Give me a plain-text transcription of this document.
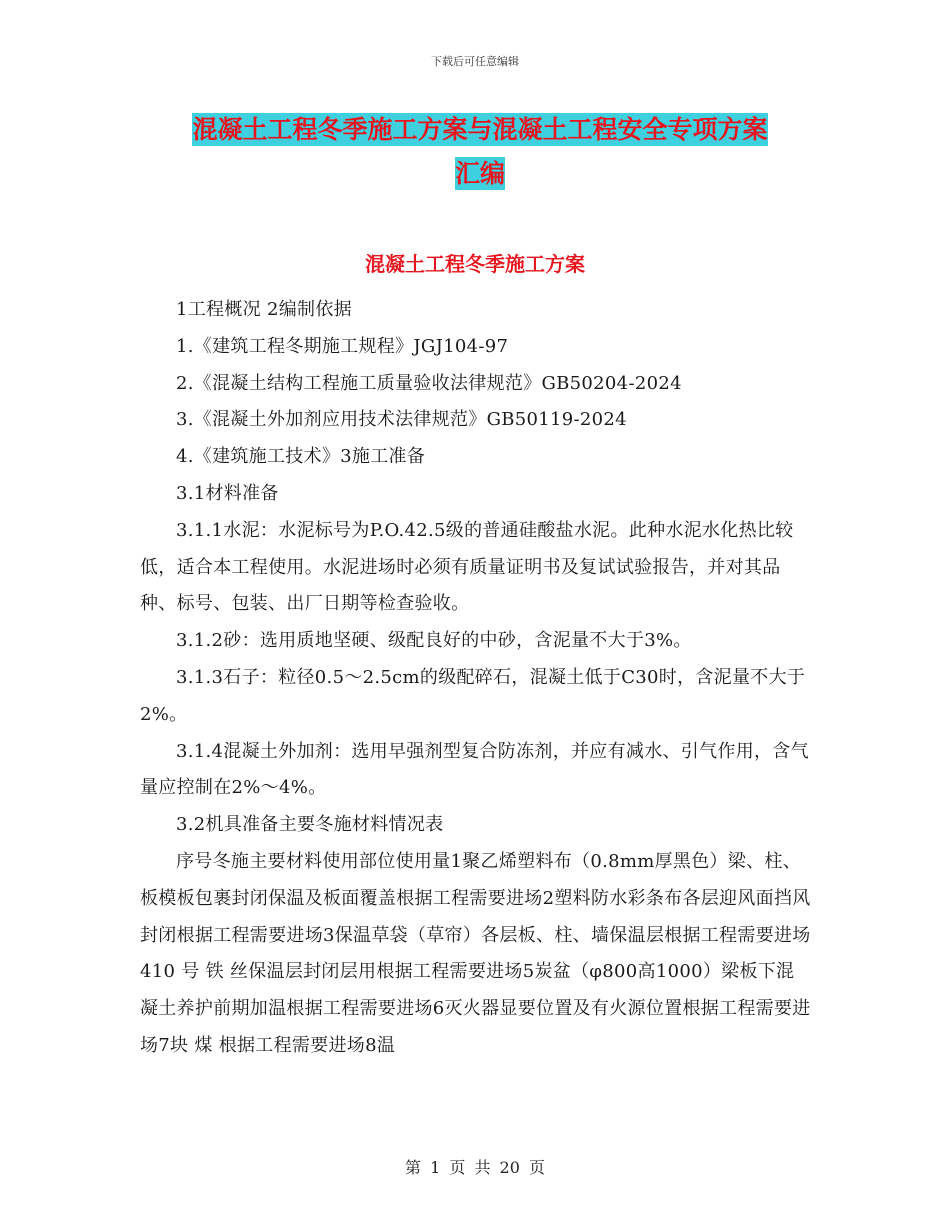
下载后可任意编辑
混凝土工程冬季施工方案与混凝土工程安全专项方案
汇编
混凝土工程冬季施工方案

1工程概况 2编制依据

1.《建筑工程冬期施工规程》JGJ104-97

2.《混凝土结构工程施工质量验收法律规范》GB50204-2024

3.《混凝土外加剂应用技术法律规范》GB50119-2024

4.《建筑施工技术》3施工准备

3.1材料准备

3.1.1水泥：水泥标号为P.O.42.5级的普通硅酸盐水泥。此种水泥水化热比较低，适合本工程使用。水泥进场时必须有质量证明书及复试试验报告，并对其品种、标号、包装、出厂日期等检查验收。

3.1.2砂：选用质地坚硬、级配良好的中砂，含泥量不大于3%。

3.1.3石子：粒径0.5～2.5cm的级配碎石，混凝土低于C30时，含泥量不大于2%。

3.1.4混凝土外加剂：选用早强剂型复合防冻剂，并应有减水、引气作用，含气量应控制在2%～4%。

3.2机具准备主要冬施材料情况表

序号冬施主要材料使用部位使用量1聚乙烯塑料布（0.8mm厚黑色）梁、柱、板模板包裹封闭保温及板面覆盖根据工程需要进场2塑料防水彩条布各层迎风面挡风封闭根据工程需要进场3保温草袋（草帘）各层板、柱、墙保温层根据工程需要进场410 号 铁 丝保温层封闭层用根据工程需要进场5炭盆（φ800高1000）梁板下混凝土养护前期加温根据工程需要进场6灭火器显要位置及有火源位置根据工程需要进场7块 煤 根据工程需要进场8温

第 1 页 共 20 页
